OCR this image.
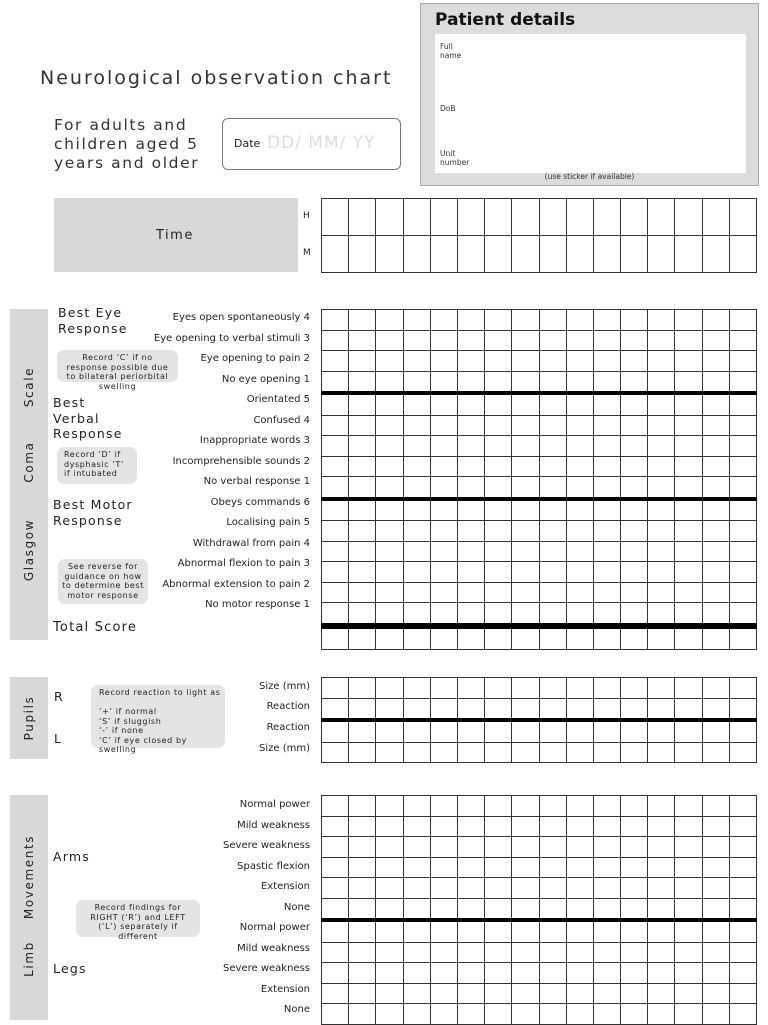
Neurological observation chart
For adults and children aged 5 years and older
Date DD/ MM/ YY
Patient details
Full name
DoB
Unit number
(use sticker if available)
Time
H
M

Glasgow
Coma
Scale
Best Eye Response
Record ‘C’ if no response possible due to bilateral periorbital swelling
Best Verbal Response
Record ‘D’ if dysphasic ‘T’ if intubated
Best Motor Response
See reverse for guidance on how to determine best motor response
Total Score
Eyes open spontaneously 4
Eye opening to verbal stimuli 3
Eye opening to pain 2
No eye opening 1
Orientated 5
Confused 4
Inappropriate words 3
Incomprehensible sounds 2
No verbal response 1
Obeys commands 6
Localising pain 5
Withdrawal from pain 4
Abnormal flexion to pain 3
Abnormal extension to pain 2
No motor response 1

Pupils R
L
Record reaction to light as

‘+’ if normal
‘S’ if sluggish
‘-’ if none
‘C’ if eye closed by swelling
Size (mm)
Reaction
Reaction
Size (mm)

Limb
Movements Arms
Legs
Record findings for RIGHT (‘R’) and LEFT (‘L’) separately if different
Normal power
Mild weakness
Severe weakness
Spastic flexion
Extension
None
Normal power
Mild weakness
Severe weakness
Extension
None
